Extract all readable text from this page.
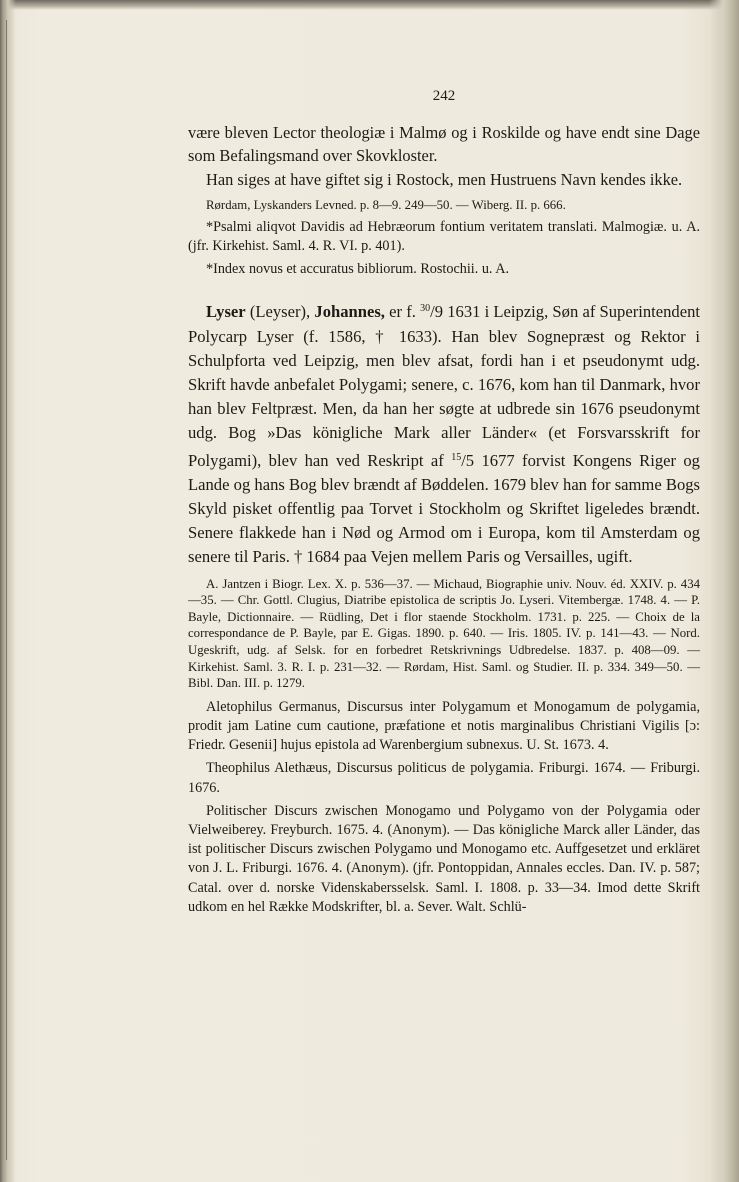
242

være bleven Lector theologiæ i Malmø og i Roskilde og have endt sine Dage som Befalingsmand over Skovkloster.

Han siges at have giftet sig i Rostock, men Hustruens Navn kendes ikke.

Rørdam, Lyskanders Levned. p. 8—9. 249—50. — Wiberg. II. p. 666.

*Psalmi aliqvot Davidis ad Hebræorum fontium veritatem translati. Malmogiæ. u. A. (jfr. Kirkehist. Saml. 4. R. VI. p. 401).

*Index novus et accuratus bibliorum. Rostochii. u. A.

Lyser (Leyser), Johannes, er f. $^{30}$/9 1631 i Leipzig, Søn af Superintendent Polycarp Lyser (f. 1586, † 1633). Han blev Sognepræst og Rektor i Schulpforta ved Leipzig, men blev afsat, fordi han i et pseudonymt udg. Skrift havde anbefalet Polygami; senere, c. 1676, kom han til Danmark, hvor han blev Feltpræst. Men, da han her søgte at udbrede sin 1676 pseudonymt udg. Bog »Das königliche Mark aller Länder« (et Forsvarsskrift for Polygami), blev han ved Reskript af $^{15}$/5 1677 forvist Kongens Riger og Lande og hans Bog blev brændt af Bøddelen. 1679 blev han for samme Bogs Skyld pisket offentlig paa Torvet i Stockholm og Skriftet ligeledes brændt. Senere flakkede han i Nød og Armod om i Europa, kom til Amsterdam og senere til Paris. † 1684 paa Vejen mellem Paris og Versailles, ugift.

A. Jantzen i Biogr. Lex. X. p. 536—37. — Michaud, Biographie univ. Nouv. éd. XXIV. p. 434—35. — Chr. Gottl. Clugius, Diatribe epistolica de scriptis Jo. Lyseri. Vitembergæ. 1748. 4. — P. Bayle, Dictionnaire. — Rüdling, Det i flor staende Stockholm. 1731. p. 225. — Choix de la correspondance de P. Bayle, par E. Gigas. 1890. p. 640. — Iris. 1805. IV. p. 141—43. — Nord. Ugeskrift, udg. af Selsk. for en forbedret Retskrivnings Udbredelse. 1837. p. 408—09. — Kirkehist. Saml. 3. R. I. p. 231—32. — Rørdam, Hist. Saml. og Studier. II. p. 334. 349—50. — Bibl. Dan. III. p. 1279.

Aletophilus Germanus, Discursus inter Polygamum et Monogamum de polygamia, prodit jam Latine cum cautione, præfatione et notis marginalibus Christiani Vigilis [ɔ: Friedr. Gesenii] hujus epistola ad Warenbergium subnexus. U. St. 1673. 4.

Theophilus Alethæus, Discursus politicus de polygamia. Friburgi. 1674. — Friburgi. 1676.

Politischer Discurs zwischen Monogamo und Polygamo von der Polygamia oder Vielweiberey. Freyburch. 1675. 4. (Anonym). — Das königliche Marck aller Länder, das ist politischer Discurs zwischen Polygamo und Monogamo etc. Auffgesetzet und erkläret von J. L. Friburgi. 1676. 4. (Anonym). (jfr. Pontoppidan, Annales eccles. Dan. IV. p. 587; Catal. over d. norske Videnskabersselsk. Saml. I. 1808. p. 33—34. Imod dette Skrift udkom en hel Række Modskrifter, bl. a. Sever. Walt. Schlü-
